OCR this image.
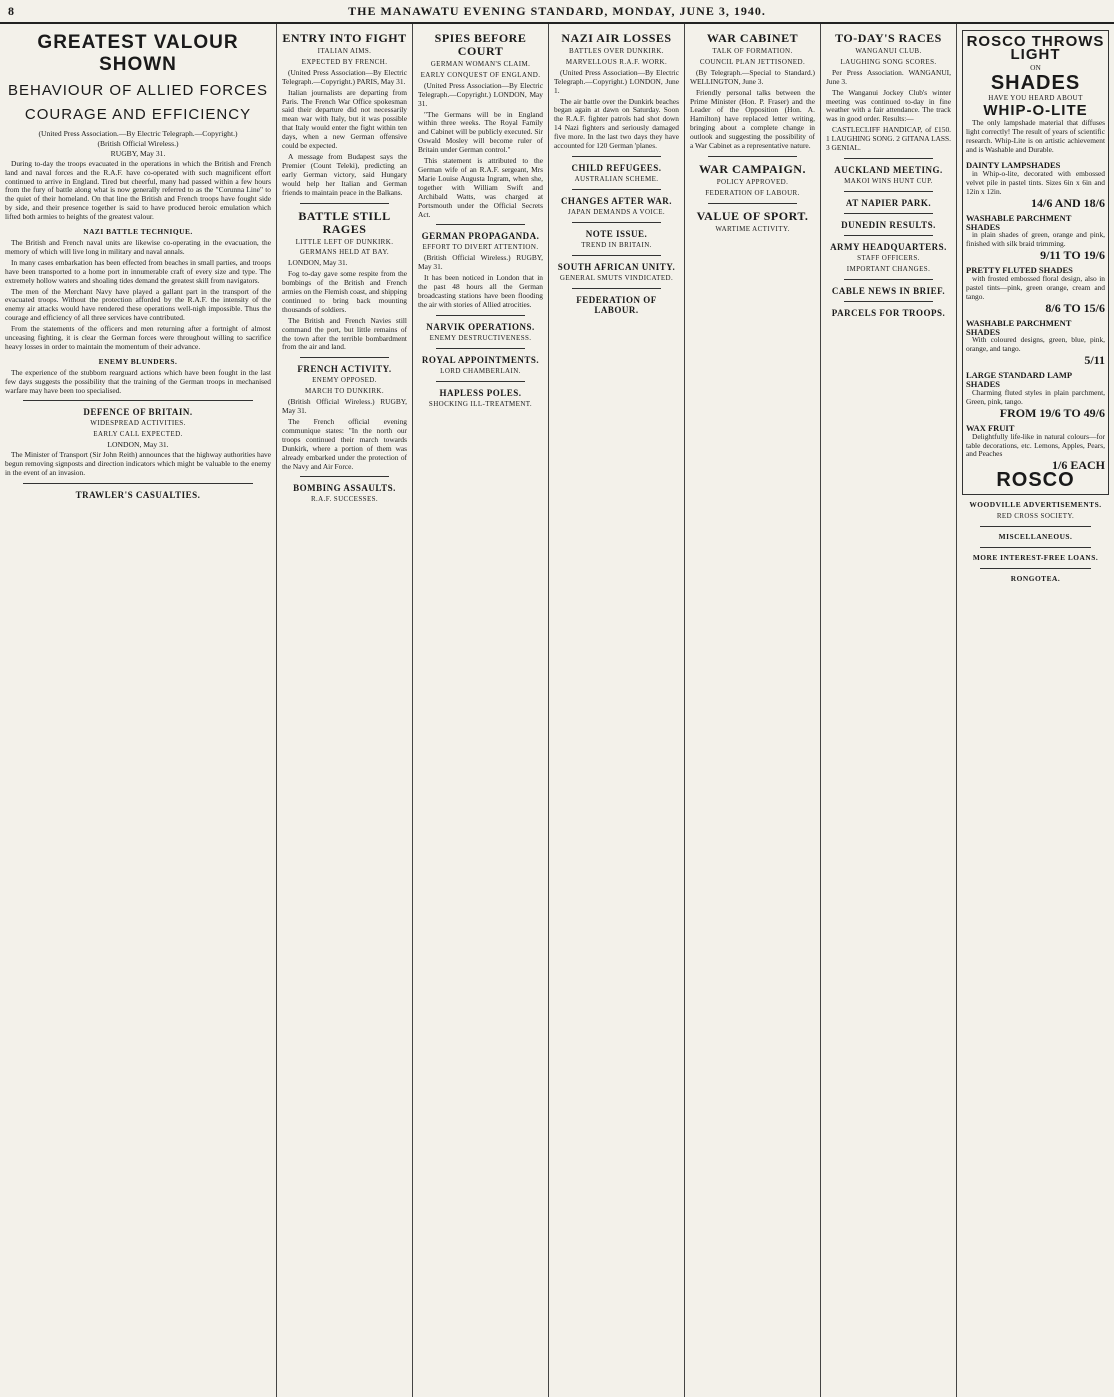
8	THE MANAWATU EVENING STANDARD, MONDAY, JUNE 3, 1940.
GREATEST VALOUR SHOWN
BEHAVIOUR OF ALLIED FORCES
COURAGE AND EFFICIENCY
(United Press Association.—By Electric Telegraph.—Copyright.)
(British Official Wireless.)
RUGBY, May 31.

During to-day the troops evacuated in the operations in which the British and French land and naval forces and the R.A.F. have co-operated with such magnificent effort continued to arrive in England. Tired but cheerful, many had passed within a few hours from the fury of battle along what is now generally referred to as the "Corunna Line" to the quiet of their homeland. On that line the British and French troops have fought side by side, and their presence together is said to have produced heroic emulation which lifted both armies to heights of the greatest valour.

NAZI BATTLE TECHNIQUE.

The British and French naval units are likewise co-operating in the evacuation, the memory of which will live long in military and naval annals.

In many cases embarkation has been effected from beaches in small parties, and troops have been transported to a home port in innumerable craft of every size and type. The extremely hollow waters and shoaling tides demand the greatest skill from navigators.

The men of the Merchant Navy have played a gallant part in the transport of the evacuated troops. Without the protection afforded by the R.A.F. the intensity of the enemy air attacks would have rendered these operations well-nigh impossible. Thus the courage and efficiency of all three services have contributed.

From the statements of the officers and men returning after a fortnight of almost unceasing fighting, it is clear the German forces were throughout willing to sacrifice heavy losses in order to maintain the momentum of their advance.

ENEMY BLUNDERS.

The experience of the stubborn rearguard actions which have been fought in the last few days suggests the possibility that the training of the German troops in mechanised warfare may have been too specialised.

DEFENCE OF BRITAIN.
WIDESPREAD ACTIVITIES.
EARLY CALL EXPECTED.
LONDON, May 31.

The Minister of Transport (Sir John Reith) announces that the highway authorities have begun removing signposts and direction indicators which might be valuable to the enemy in the event of an invasion.

TRAWLER'S CASUALTIES.
ENTRY INTO FIGHT
ITALIAN AIMS.
EXPECTED BY FRENCH.

(United Press Association—By Electric Telegraph.—Copyright.) PARIS, May 31.

Italian journalists are departing from Paris. The French War Office spokesman said their departure did not necessarily mean war with Italy, but it was possible that Italy would enter the fight within ten days, when a new German offensive could be expected.

A message from Budapest says the Premier (Count Teleki), predicting an early German victory, said Hungary would help her Italian and German friends to maintain peace in the Balkans.

BATTLE STILL RAGES
LITTLE LEFT OF DUNKIRK.
GERMANS HELD AT BAY.

LONDON, May 31.

Fog to-day gave some respite from the bombings of the British and French armies on the Flemish coast, and shipping continued to bring back mounting thousands of soldiers.

The British and French Navies still command the port, but little remains of the town after the terrible bombardment from the air and land.

FRENCH ACTIVITY.
ENEMY OPPOSED.
MARCH TO DUNKIRK.

(British Official Wireless.) RUGBY, May 31.

The French official evening communique states: "In the north our troops continued their march towards Dunkirk, where a portion of them was already embarked under the protection of the Navy and Air Force.

BOMBING ASSAULTS.
R.A.F. SUCCESSES.
SPIES BEFORE COURT
GERMAN WOMAN'S CLAIM.
EARLY CONQUEST OF ENGLAND.

(United Press Association—By Electric Telegraph.—Copyright.) LONDON, May 31.

"The Germans will be in England within three weeks. The Royal Family and Cabinet will be publicly executed. Sir Oswald Mosley will become ruler of Britain under German control."

This statement is attributed to the German wife of an R.A.F. sergeant, Mrs Marie Louise Augusta Ingram, when she, together with William Swift and Archibald Watts, was charged at Portsmouth under the Official Secrets Act.

GERMAN PROPAGANDA.
EFFORT TO DIVERT ATTENTION.

(British Official Wireless.) RUGBY, May 31.

It has been noticed in London that in the past 48 hours all the German broadcasting stations have been flooding the air with stories of Allied atrocities.

NARVIK OPERATIONS.
ENEMY DESTRUCTIVENESS.
ROYAL APPOINTMENTS.
LORD CHAMBERLAIN.
HAPLESS POLES.
SHOCKING ILL-TREATMENT.
NAZI AIR LOSSES
BATTLES OVER DUNKIRK.
MARVELLOUS R.A.F. WORK.

(United Press Association—By Electric Telegraph.—Copyright.) LONDON, June 1.

The air battle over the Dunkirk beaches began again at dawn on Saturday. Soon the R.A.F. fighter patrols had shot down 14 Nazi fighters and seriously damaged five more. In the last two days they have accounted for 120 German 'planes.

CHILD REFUGEES.
AUSTRALIAN SCHEME.
CHANGES AFTER WAR.
JAPAN DEMANDS A VOICE.
NOTE ISSUE.
TREND IN BRITAIN.
SOUTH AFRICAN UNITY.
GENERAL SMUTS VINDICATED.
FEDERATION OF LABOUR.
WAR CABINET
TALK OF FORMATION.
COUNCIL PLAN JETTISONED.

(By Telegraph.—Special to Standard.) WELLINGTON, June 3.

Friendly personal talks between the Prime Minister (Hon. P. Fraser) and the Leader of the Opposition (Hon. A. Hamilton) have replaced letter writing, bringing about a complete change in outlook and suggesting the possibility of a War Cabinet as a representative nature.

WAR CAMPAIGN.
POLICY APPROVED.
FEDERATION OF LABOUR.
VALUE OF SPORT.
WARTIME ACTIVITY.
TO-DAY'S RACES
WANGANUI CLUB.
LAUGHING SONG SCORES.

Per Press Association. WANGANUI, June 3.

The Wanganui Jockey Club's winter meeting was continued to-day in fine weather with a fair attendance. The track was in good order. Results:—

CASTLECLIFF HANDICAP, of £150. 1 LAUGHING SONG. 2 GITANA LASS. 3 GENIAL.

AUCKLAND MEETING.
MAKOI WINS HUNT CUP.
AT NAPIER PARK.
DUNEDIN RESULTS.
ARMY HEADQUARTERS.
STAFF OFFICERS.
IMPORTANT CHANGES.
CABLE NEWS IN BRIEF.
PARCELS FOR TROOPS.
ROSCO THROWS
LIGHT
ON
SHADES
HAVE YOU HEARD ABOUT
WHIP-O-LITE

The only lampshade material that diffuses light correctly! The result of years of scientific research. Whip-Lite is on artistic achievement and is Washable and Durable.

DAINTY LAMPSHADES

in Whip-o-lite, decorated with embossed velvet pile in pastel tints. Sizes 6in x 6in and 12in x 12in.

14/6 AND 18/6
WASHABLE PARCHMENT SHADES

in plain shades of green, orange and pink, finished with silk braid trimming.

9/11 TO 19/6
PRETTY FLUTED SHADES

with frosted embossed floral design, also in pastel tints—pink, green orange, cream and tango.

8/6 TO 15/6
WASHABLE PARCHMENT SHADES

With coloured designs, green, blue, pink, orange, and tango.

5/11
LARGE STANDARD LAMP SHADES

Charming fluted styles in plain parchment, Green, pink, tango.

FROM 19/6 TO 49/6
WAX FRUIT

Delightfully life-like in natural colours—for table decorations, etc. Lemons, Apples, Pears, and Peaches

1/6 EACH
ROSCO
WOODVILLE ADVERTISEMENTS.
RED CROSS SOCIETY.
MISCELLANEOUS.
MORE INTEREST-FREE LOANS.
RONGOTEA.
